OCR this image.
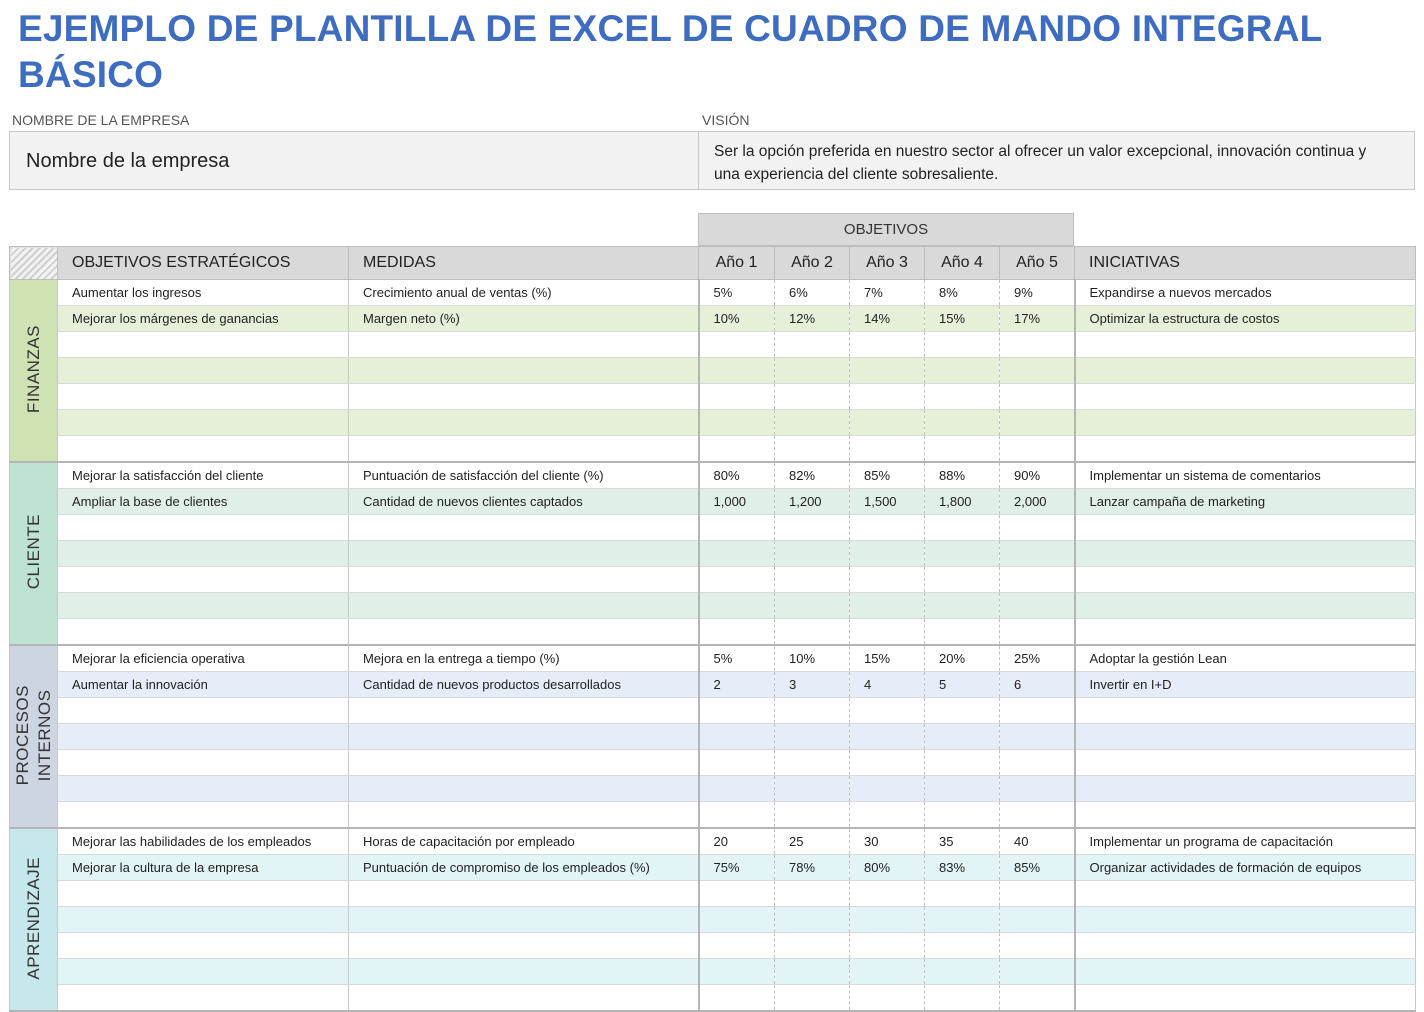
EJEMPLO DE PLANTILLA DE EXCEL DE CUADRO DE MANDO INTEGRAL BÁSICO
NOMBRE DE LA EMPRESA	VISIÓN
Nombre de la empresa	Ser la opción preferida en nuestro sector al ofrecer un valor excepcional, innovación continua y una experiencia del cliente sobresaliente.
OBJETIVOS
	OBJETIVOS ESTRATÉGICOS	MEDIDAS	Año 1	Año 2	Año 3	Año 4	Año 5	INICIATIVAS
FINANZAS	Aumentar los ingresos	Crecimiento anual de ventas (%)	5%	6%	7%	8%	9%	Expandirse a nuevos mercados
	Mejorar los márgenes de ganancias	Margen neto (%)	10%	12%	14%	15%	17%	Optimizar la estructura de costos

CLIENTE	Mejorar la satisfacción del cliente	Puntuación de satisfacción del cliente (%)	80%	82%	85%	88%	90%	Implementar un sistema de comentarios
	Ampliar la base de clientes	Cantidad de nuevos clientes captados	1,000	1,200	1,500	1,800	2,000	Lanzar campaña de marketing

PROCESOS
INTERNOS	Mejorar la eficiencia operativa	Mejora en la entrega a tiempo (%)	5%	10%	15%	20%	25%	Adoptar la gestión Lean
	Aumentar la innovación	Cantidad de nuevos productos desarrollados	2	3	4	5	6	Invertir en I+D

APRENDIZAJE	Mejorar las habilidades de los empleados	Horas de capacitación por empleado	20	25	30	35	40	Implementar un programa de capacitación
	Mejorar la cultura de la empresa	Puntuación de compromiso de los empleados (%)	75%	78%	80%	83%	85%	Organizar actividades de formación de equipos
